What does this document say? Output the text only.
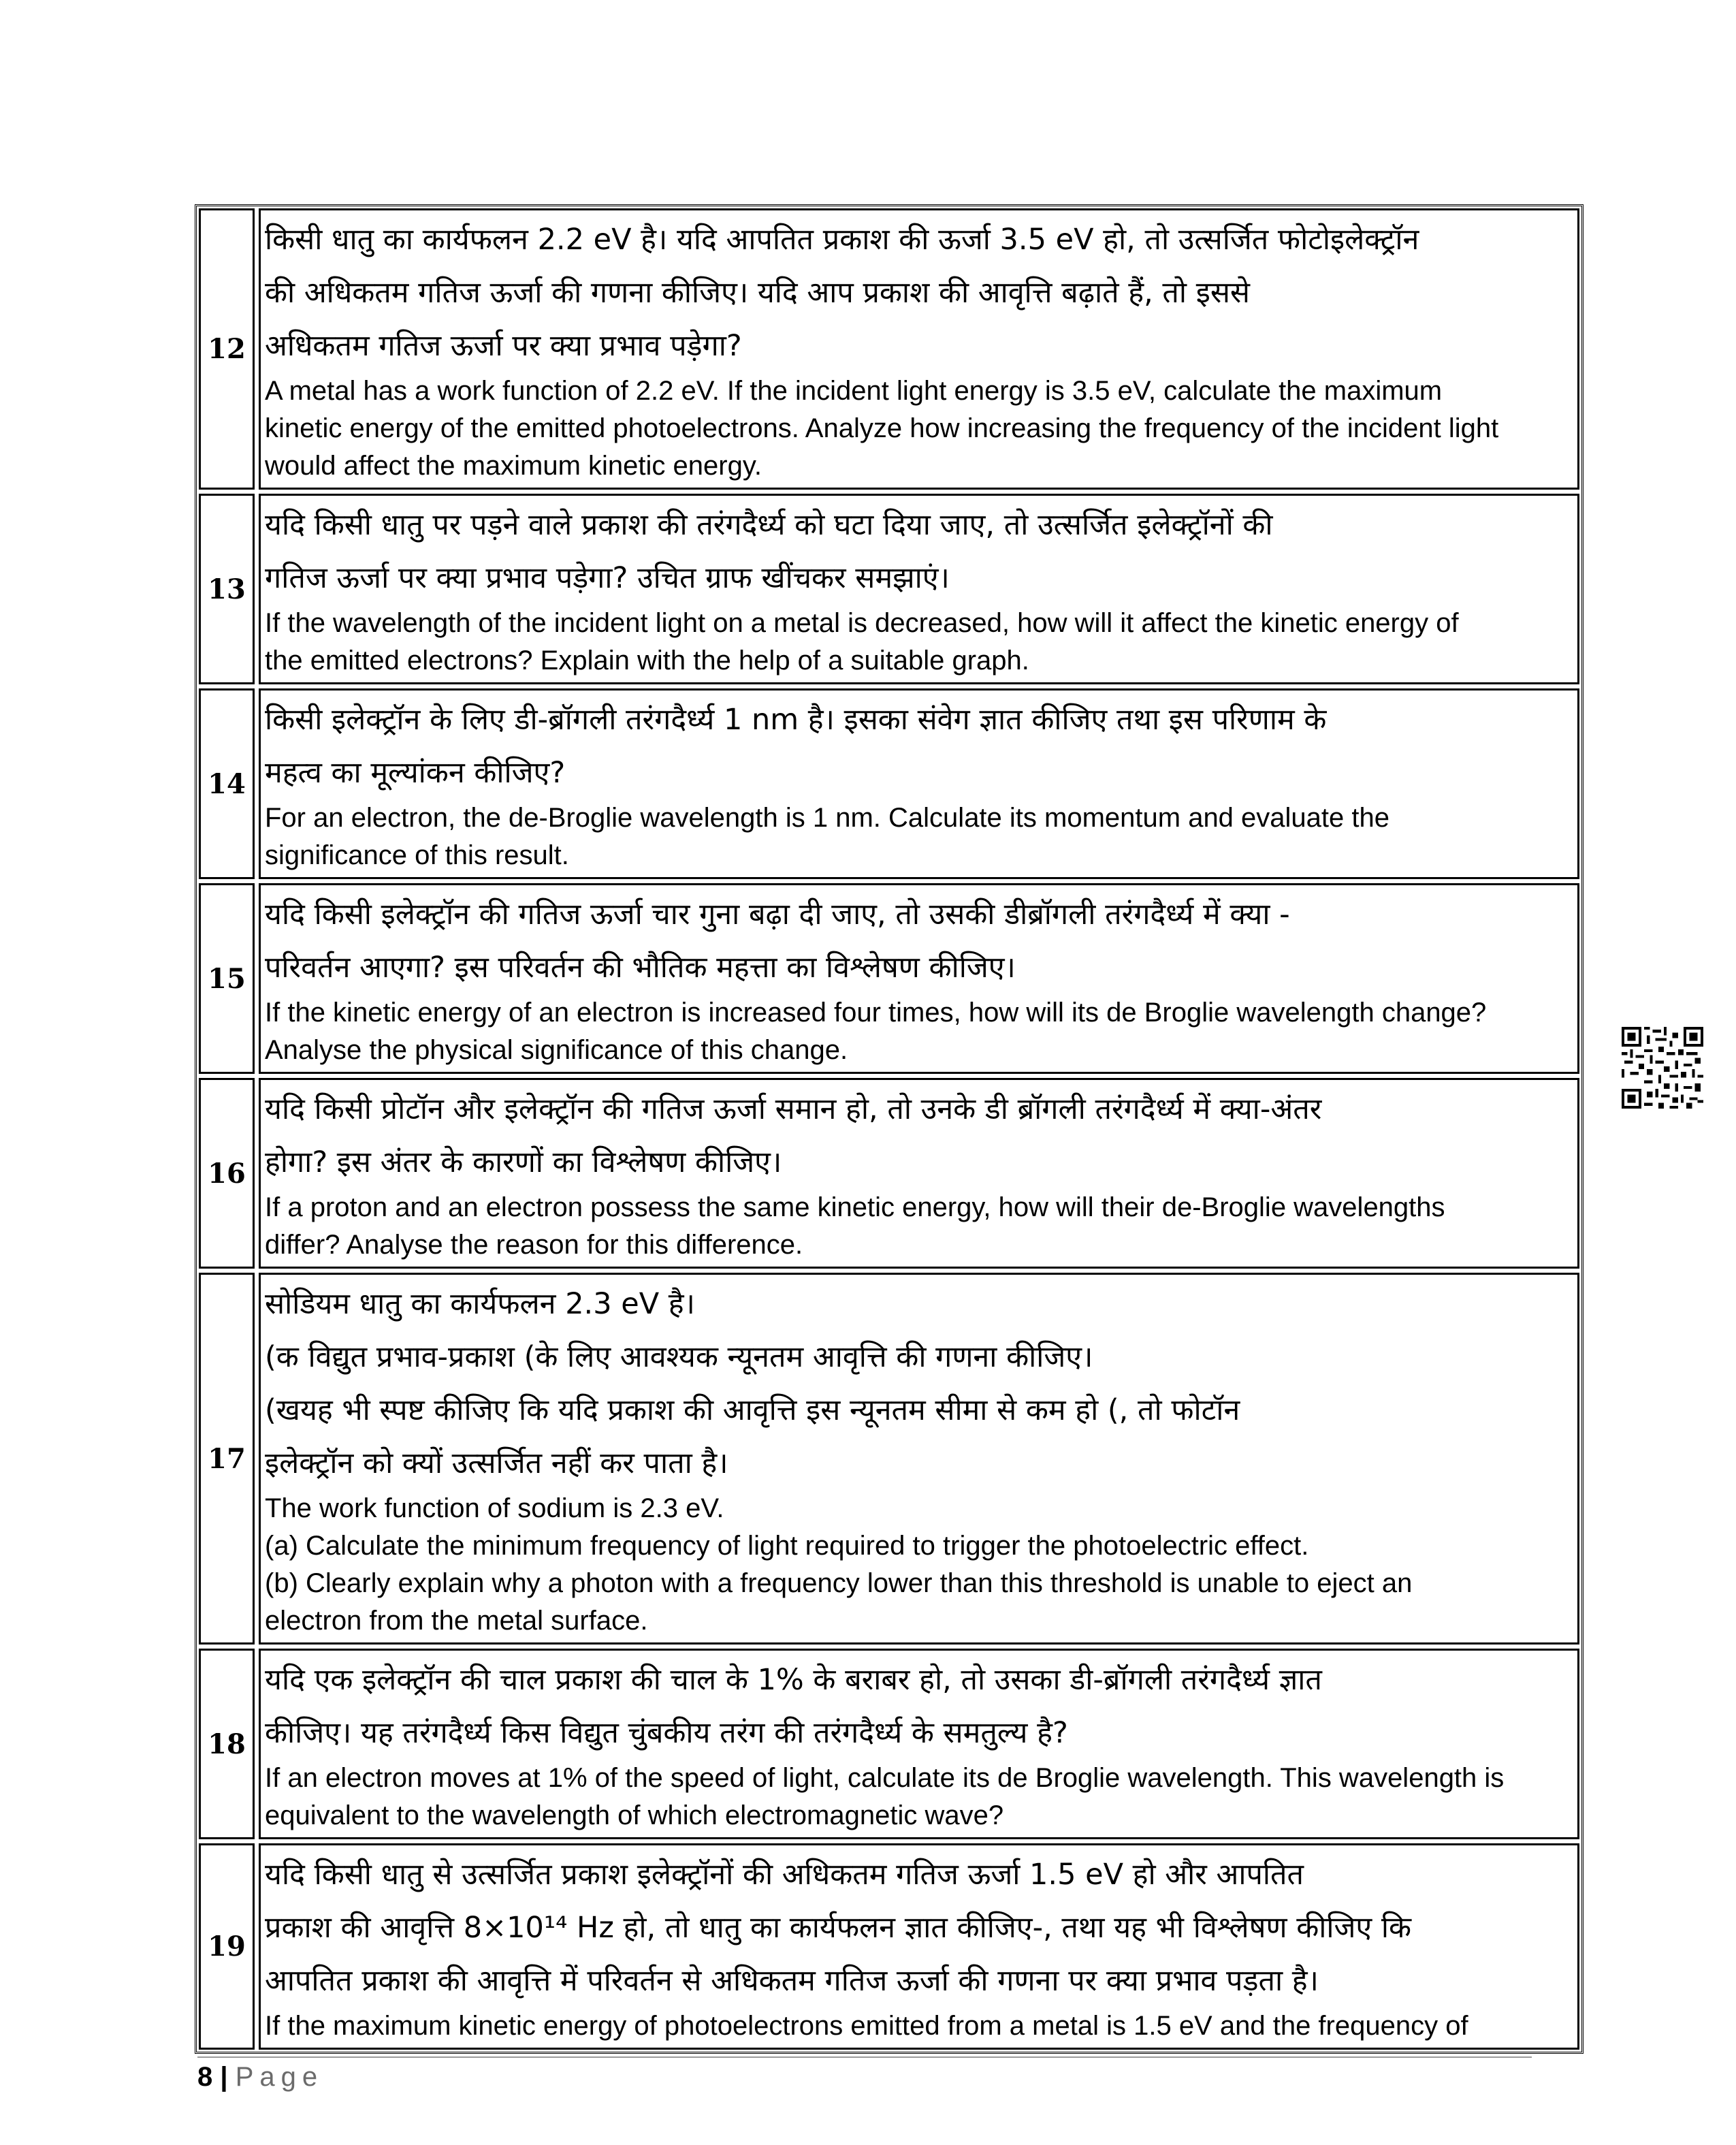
12
किसी धातु का कार्यफलन 2.2 eV है। यदि आपतित प्रकाश की ऊर्जा 3.5 eV हो, तो उत्सर्जित फोटोइलेक्ट्रॉन
की अधिकतम गतिज ऊर्जा की गणना कीजिए। यदि आप प्रकाश की आवृत्ति बढ़ाते हैं, तो इससे
अधिकतम गतिज ऊर्जा पर क्या प्रभाव पड़ेगा?
A metal has a work function of 2.2 eV. If the incident light energy is 3.5 eV, calculate the maximum
kinetic energy of the emitted photoelectrons. Analyze how increasing the frequency of the incident light
would affect the maximum kinetic energy.
13
यदि किसी धातु पर पड़ने वाले प्रकाश की तरंगदैर्ध्य को घटा दिया जाए, तो उत्सर्जित इलेक्ट्रॉनों की
गतिज ऊर्जा पर क्या प्रभाव पड़ेगा? उचित ग्राफ खींचकर समझाएं।
If the wavelength of the incident light on a metal is decreased, how will it affect the kinetic energy of
the emitted electrons? Explain with the help of a suitable graph.
14
किसी इलेक्ट्रॉन के लिए डी-ब्रॉगली तरंगदैर्ध्य 1 nm है। इसका संवेग ज्ञात कीजिए तथा इस परिणाम के
महत्व का मूल्यांकन कीजिए?
For an electron, the de-Broglie wavelength is 1 nm. Calculate its momentum and evaluate the
significance of this result.
15
यदि किसी इलेक्ट्रॉन की गतिज ऊर्जा चार गुना बढ़ा दी जाए, तो उसकी डीब्रॉगली तरंगदैर्ध्य में क्या -
परिवर्तन आएगा? इस परिवर्तन की भौतिक महत्ता का विश्लेषण कीजिए।
If the kinetic energy of an electron is increased four times, how will its de Broglie wavelength change?
Analyse the physical significance of this change.
16
यदि किसी प्रोटॉन और इलेक्ट्रॉन की गतिज ऊर्जा समान हो, तो उनके डी ब्रॉगली तरंगदैर्ध्य में क्या-अंतर
होगा? इस अंतर के कारणों का विश्लेषण कीजिए।
If a proton and an electron possess the same kinetic energy, how will their de-Broglie wavelengths
differ? Analyse the reason for this difference.
17
सोडियम धातु का कार्यफलन 2.3 eV है।
(क विद्युत प्रभाव-प्रकाश (के लिए आवश्यक न्यूनतम आवृत्ति की गणना कीजिए।
(खयह भी स्पष्ट कीजिए कि यदि प्रकाश की आवृत्ति इस न्यूनतम सीमा से कम हो (, तो फोटॉन
इलेक्ट्रॉन को क्यों उत्सर्जित नहीं कर पाता है।
The work function of sodium is 2.3 eV.
(a) Calculate the minimum frequency of light required to trigger the photoelectric effect.
(b) Clearly explain why a photon with a frequency lower than this threshold is unable to eject an
electron from the metal surface.
18
यदि एक इलेक्ट्रॉन की चाल प्रकाश की चाल के 1% के बराबर हो, तो उसका डी-ब्रॉगली तरंगदैर्ध्य ज्ञात
कीजिए। यह तरंगदैर्ध्य किस विद्युत चुंबकीय तरंग की तरंगदैर्ध्य के समतुल्य है?
If an electron moves at 1% of the speed of light, calculate its de Broglie wavelength. This wavelength is
equivalent to the wavelength of which electromagnetic wave?
19
यदि किसी धातु से उत्सर्जित प्रकाश इलेक्ट्रॉनों की अधिकतम गतिज ऊर्जा 1.5 eV हो और आपतित
प्रकाश की आवृत्ति 8×10¹⁴ Hz हो, तो धातु का कार्यफलन ज्ञात कीजिए-, तथा यह भी विश्लेषण कीजिए कि
आपतित प्रकाश की आवृत्ति में परिवर्तन से अधिकतम गतिज ऊर्जा की गणना पर क्या प्रभाव पड़ता है।
If the maximum kinetic energy of photoelectrons emitted from a metal is 1.5 eV and the frequency of
8 | Page
